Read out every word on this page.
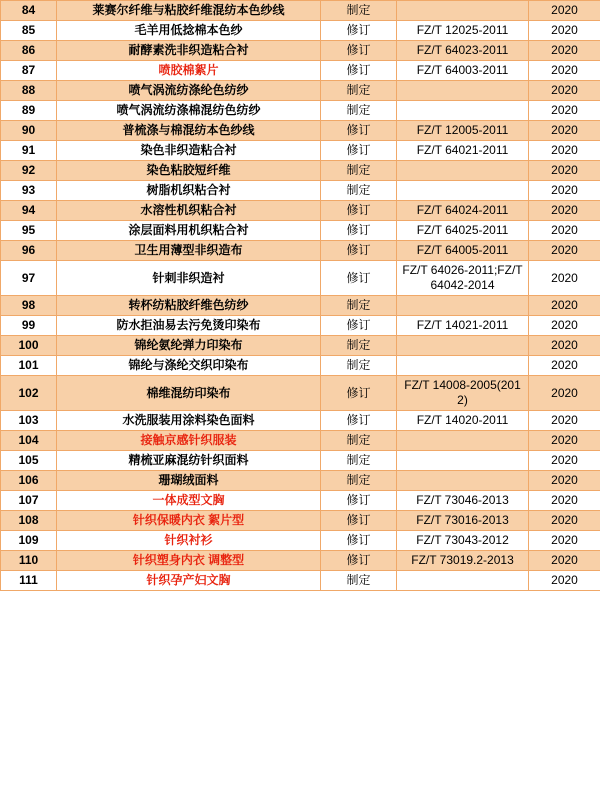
84	莱赛尔纤维与粘胶纤维混纺本色纱线	制定		2020
85	毛羊用低捻棉本色纱	修订	FZ/T 12025-2011	2020
86	耐酵素洗非织造粘合衬	修订	FZ/T 64023-2011	2020
87	喷胶棉絮片	修订	FZ/T 64003-2011	2020
88	喷气涡流纺涤纶色纺纱	制定		2020
89	喷气涡流纺涤棉混纺色纺纱	制定		2020
90	普梳涤与棉混纺本色纱线	修订	FZ/T 12005-2011	2020
91	染色非织造粘合衬	修订	FZ/T 64021-2011	2020
92	染色粘胶短纤维	制定		2020
93	树脂机织粘合衬	制定		2020
94	水溶性机织粘合衬	修订	FZ/T 64024-2011	2020
95	涂层面料用机织粘合衬	修订	FZ/T 64025-2011	2020
96	卫生用薄型非织造布	修订	FZ/T 64005-2011	2020
97	针刺非织造衬	修订	FZ/T 64026-2011;FZ/T 64042-2014	2020
98	转杯纺粘胶纤维色纺纱	制定		2020
99	防水拒油易去污免烫印染布	修订	FZ/T 14021-2011	2020
100	锦纶氨纶弹力印染布	制定		2020
101	锦纶与涤纶交织印染布	制定		2020
102	棉维混纺印染布	修订	FZ/T 14008-2005(2012)	2020
103	水洗服装用涂料染色面料	修订	FZ/T 14020-2011	2020
104	接触京感针织服装	制定		2020
105	精梳亚麻混纺针织面料	制定		2020
106	珊瑚绒面料	制定		2020
107	一体成型文胸	修订	FZ/T 73046-2013	2020
108	针织保暖内衣 絮片型	修订	FZ/T 73016-2013	2020
109	针织衬衫	修订	FZ/T 73043-2012	2020
110	针织塑身内衣 调整型	修订	FZ/T 73019.2-2013	2020
111	针织孕产妇文胸	制定		2020
